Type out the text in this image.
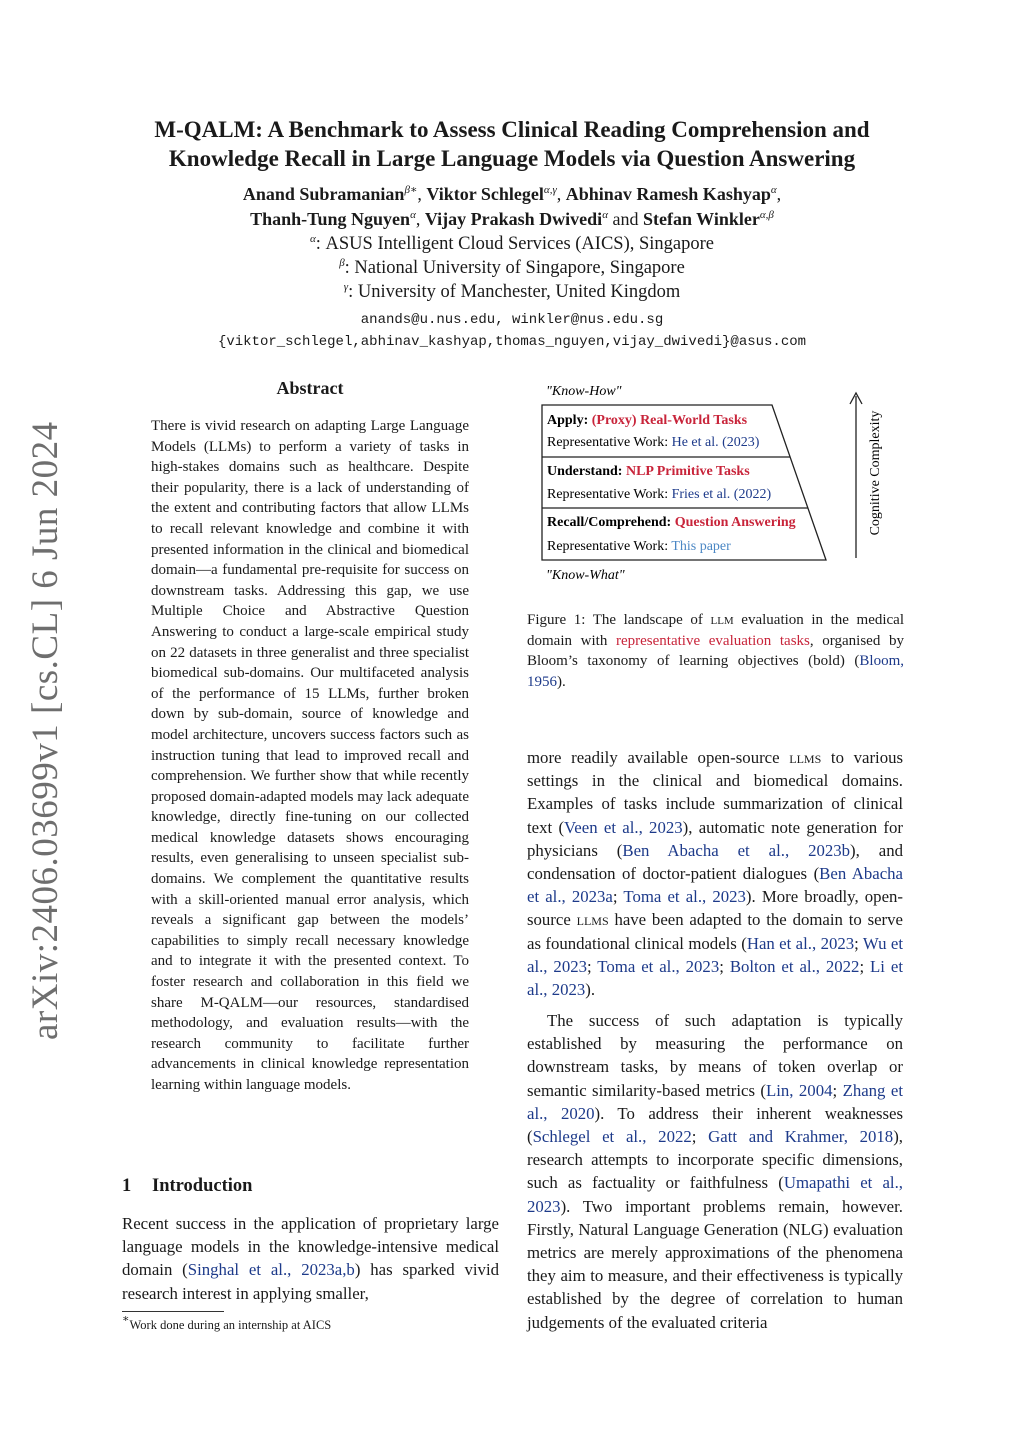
arXiv:2406.03699v1 [cs.CL] 6 Jun 2024
M-QALM: A Benchmark to Assess Clinical Reading Comprehension and
Knowledge Recall in Large Language Models via Question Answering
Anand Subramanian$^{\beta∗}$, Viktor Schlegel$^{\alpha,\gamma}$, Abhinav Ramesh Kashyap$^\alpha$,
Thanh-Tung Nguyen$^\alpha$, Vijay Prakash Dwivedi$^\alpha$ and Stefan Winkler$^{\alpha,\beta}$
$^\alpha$: ASUS Intelligent Cloud Services (AICS), Singapore
$^\beta$: National University of Singapore, Singapore
$^\gamma$: University of Manchester, United Kingdom
anands@u.nus.edu, winkler@nus.edu.sg
{viktor_schlegel,abhinav_kashyap,thomas_nguyen,vijay_dwivedi}@asus.com
Abstract

There is vivid research on adapting Large Language Models (LLMs) to perform a variety of tasks in high-stakes domains such as healthcare. Despite their popularity, there is a lack of understanding of the extent and contributing factors that allow LLMs to recall relevant knowledge and combine it with presented information in the clinical and biomedical domain—a fundamental pre-requisite for success on downstream tasks. Addressing this gap, we use Multiple Choice and Abstractive Question Answering to conduct a large-scale empirical study on 22 datasets in three generalist and three specialist biomedical sub-domains. Our multifaceted analysis of the performance of 15 LLMs, further broken down by sub-domain, source of knowledge and model architecture, uncovers success factors such as instruction tuning that lead to improved recall and comprehension. We further show that while recently proposed domain-adapted models may lack adequate knowledge, directly fine-tuning on our collected medical knowledge datasets shows encouraging results, even generalising to unseen specialist sub-domains. We complement the quantitative results with a skill-oriented manual error analysis, which reveals a significant gap between the models’ capabilities to simply recall necessary knowledge and to integrate it with the presented context. To foster research and collaboration in this field we share M-QALM—our resources, standardised methodology, and evaluation results—with the research community to facilitate further advancements in clinical knowledge representation learning within language models.

1 Introduction

Recent success in the application of proprietary large language models in the knowledge-intensive medical domain (Singhal et al., 2023a,b) has sparked vivid research interest in applying smaller,

∗Work done during an internship at AICS
"Know-How"
Apply: (Proxy) Real-World Tasks
Representative Work: He et al. (2023)
Understand: NLP Primitive Tasks
Representative Work: Fries et al. (2022)
Recall/Comprehend: Question Answering
Representative Work: This paper
"Know-What"
Cognitive Complexity

Figure 1: The landscape of llm evaluation in the medical domain with representative evaluation tasks, organised by Bloom’s taxonomy of learning objectives (bold) (Bloom, 1956).

more readily available open-source llms to various settings in the clinical and biomedical domains. Examples of tasks include summarization of clinical text (Veen et al., 2023), automatic note generation for physicians (Ben Abacha et al., 2023b), and condensation of doctor-patient dialogues (Ben Abacha et al., 2023a; Toma et al., 2023). More broadly, open-source llms have been adapted to the domain to serve as foundational clinical models (Han et al., 2023; Wu et al., 2023; Toma et al., 2023; Bolton et al., 2022; Li et al., 2023).

The success of such adaptation is typically established by measuring the performance on downstream tasks, by means of token overlap or semantic similarity-based metrics (Lin, 2004; Zhang et al., 2020). To address their inherent weaknesses (Schlegel et al., 2022; Gatt and Krahmer, 2018), research attempts to incorporate specific dimensions, such as factuality or faithfulness (Umapathi et al., 2023). Two important problems remain, however. Firstly, Natural Language Generation (NLG) evaluation metrics are merely approximations of the phenomena they aim to measure, and their effectiveness is typically established by the degree of correlation to human judgements of the evaluated criteria
